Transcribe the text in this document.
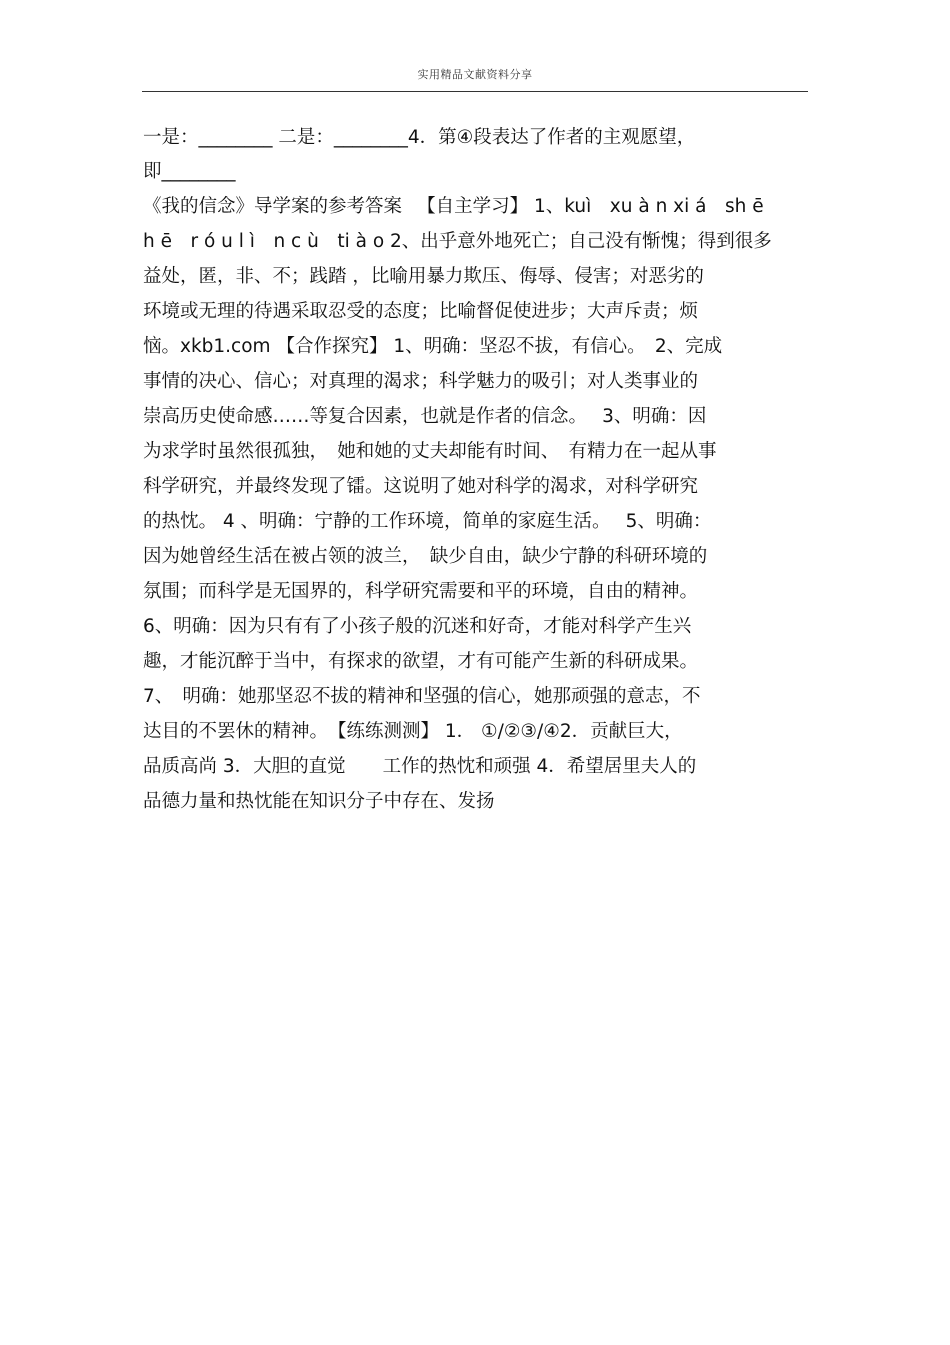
实用精品文献资料分享
一是：________ 二是：________4．第④段表达了作者的主观愿望，
即________
《我的信念》导学案的参考答案 　【自主学习】 1、kuì　xu à n xi á　sh ē
h ē　r ó u l ì　n c ù　ti à o 2、出乎意外地死亡；自己没有惭愧；得到很多
益处，匿，非、不；践踏 ，比喻用暴力欺压、侮辱、侵害；对恶劣的
环境或无理的待遇采取忍受的态度；比喻督促使进步；大声斥责；烦
恼。xkb1.com 【合作探究】 1、明确：坚忍不拔，有信心。　2、完成
事情的决心、信心；对真理的渴求；科学魅力的吸引；对人类事业的
崇高历史使命感……等复合因素，也就是作者的信念。　 3、明确：因
为求学时虽然很孤独，　她和她的丈夫却能有时间、　有精力在一起从事
科学研究，并最终发现了镭。这说明了她对科学的渴求，对科学研究
的热忱。 4 、明确：宁静的工作环境，简单的家庭生活。　 5、明确：
因为她曾经生活在被占领的波兰，　缺少自由，缺少宁静的科研环境的
氛围；而科学是无国界的，科学研究需要和平的环境，自由的精神。
6、明确：因为只有有了小孩子般的沉迷和好奇，才能对科学产生兴
趣，才能沉醉于当中，有探求的欲望，才有可能产生新的科研成果。
7、　明确：她那坚忍不拔的精神和坚强的信心，她那顽强的意志，不
达目的不罢休的精神。　【练练测测】 1． ①/②③/④2．贡献巨大，
品质高尚 3．大胆的直觉　　工作的热忱和顽强 4．希望居里夫人的
品德力量和热忱能在知识分子中存在、发扬
